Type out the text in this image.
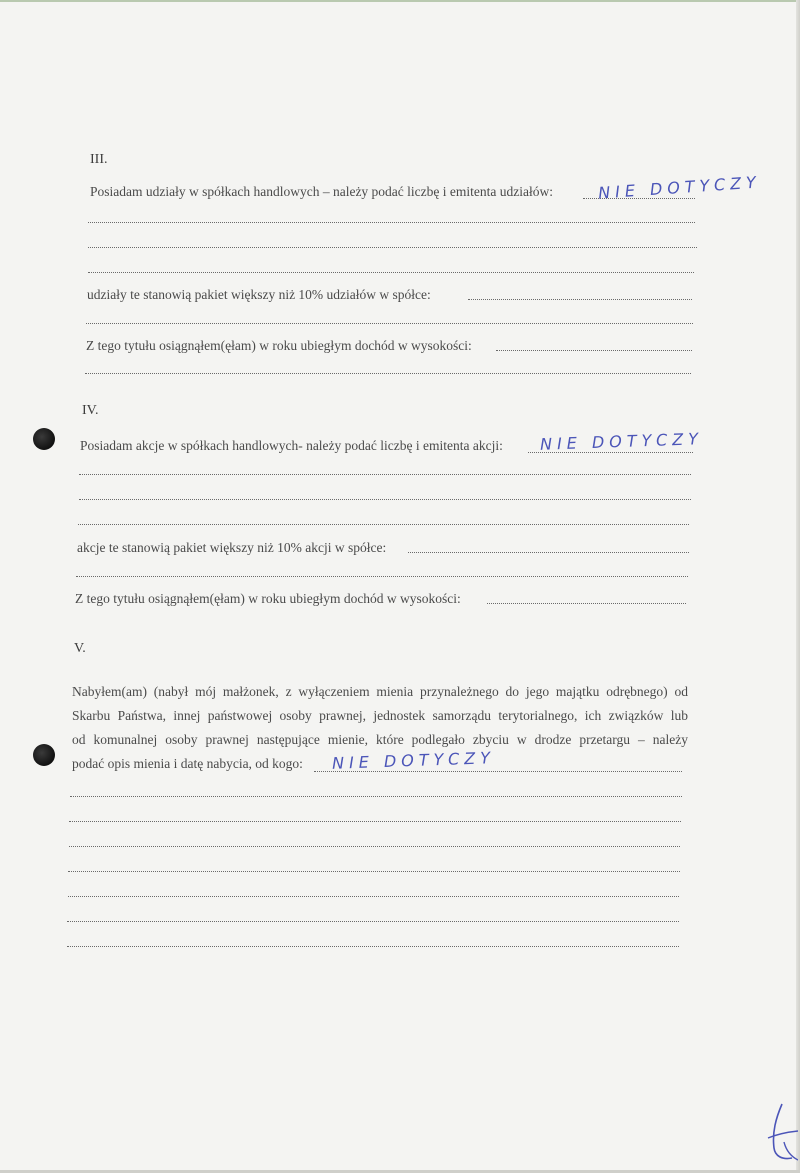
III.
Posiadam udziały w spółkach handlowych – należy podać liczbę i emitenta udziałów:	NIE DOTYCZY
udziały te stanowią pakiet większy niż 10% udziałów w spółce:
Z tego tytułu osiągnąłem(ęłam) w roku ubiegłym dochód w wysokości:
IV.
Posiadam akcje w spółkach handlowych- należy podać liczbę i emitenta akcji: NIE DOTYCZY
akcje te stanowią pakiet większy niż 10% akcji w spółce:
Z tego tytułu osiągnąłem(ęłam) w roku ubiegłym dochód w wysokości:
V.
Nabyłem(am) (nabył mój małżonek, z wyłączeniem mienia przynależnego do jego majątku odrębnego) od
Skarbu Państwa, innej państwowej osoby prawnej, jednostek samorządu terytorialnego, ich związków lub
od komunalnej osoby prawnej następujące mienie, które podlegało zbyciu w drodze przetargu – należy
podać opis mienia i datę nabycia, od kogo:	NIE DOTYCZY
